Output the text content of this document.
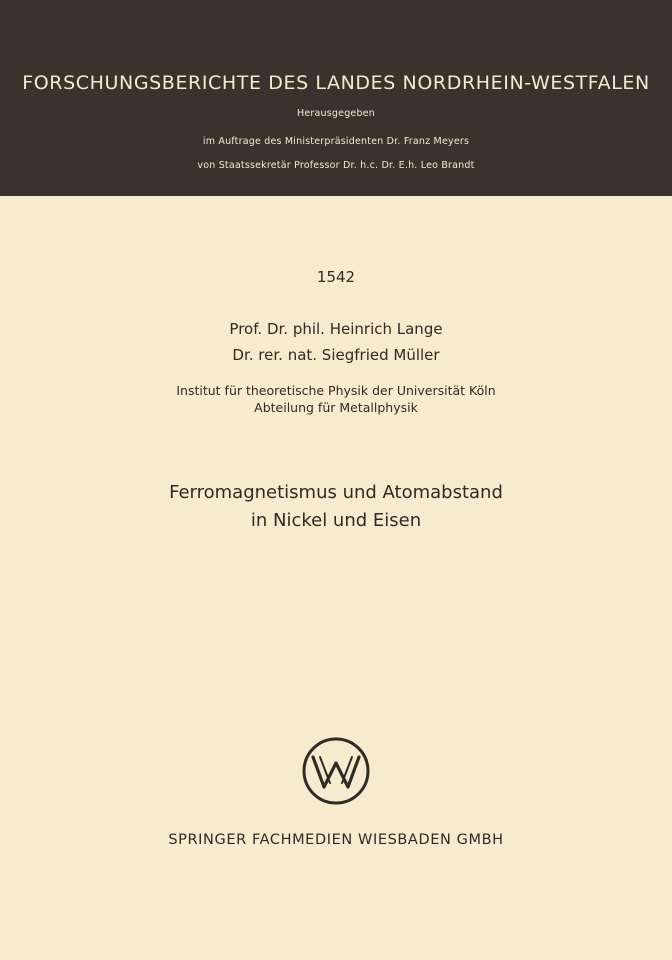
FORSCHUNGSBERICHTE DES LANDES NORDRHEIN-WESTFALEN
Herausgegeben
im Auftrage des Ministerpräsidenten Dr. Franz Meyers
von Staatssekretär Professor Dr. h.c. Dr. E.h. Leo Brandt
1542
Prof. Dr. phil. Heinrich Lange
Dr. rer. nat. Siegfried Müller
Institut für theoretische Physik der Universität Köln
Abteilung für Metallphysik
Ferromagnetismus und Atomabstand
in Nickel und Eisen
SPRINGER FACHMEDIEN WIESBADEN GMBH
